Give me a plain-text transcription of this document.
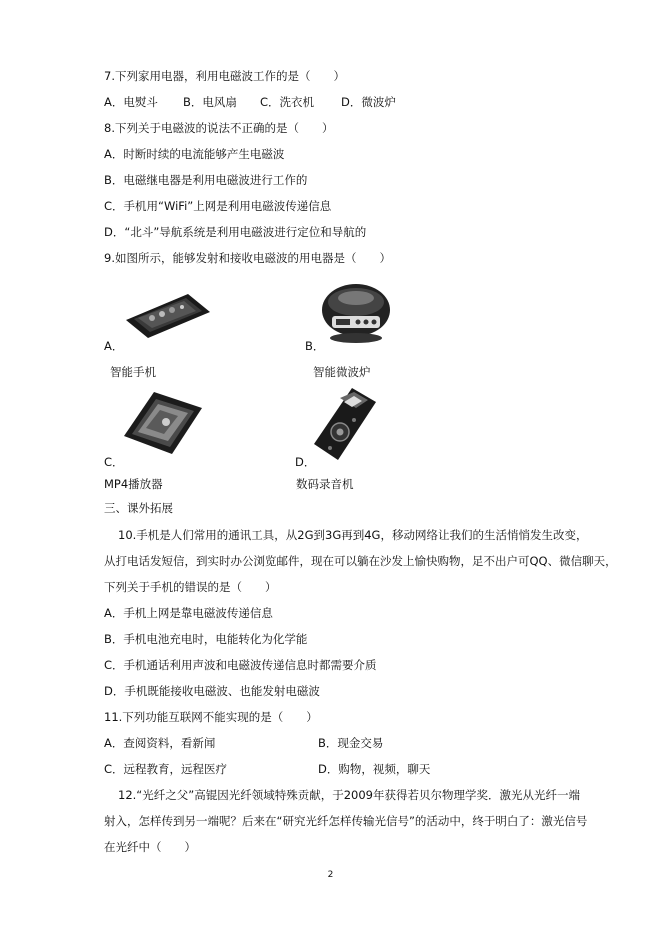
7.下列家用电器，利用电磁波工作的是（　　）
A．电熨斗 B．电风扇 C．洗衣机 D．微波炉
8.下列关于电磁波的说法不正确的是（　　）
A．时断时续的电流能够产生电磁波
B．电磁继电器是利用电磁波进行工作的
C．手机用“WiFi”上网是利用电磁波传递信息
D．“北斗”导航系统是利用电磁波进行定位和导航的
9.如图所示，能够发射和接收电磁波的用电器是（　　）
A．
智能手机
B．
智能微波炉
C．
MP4播放器
D．
数码录音机
三、课外拓展
10.手机是人们常用的通讯工具，从2G到3G再到4G，移动网络让我们的生活悄悄发生改变，
从打电话发短信，到实时办公浏览邮件，现在可以躺在沙发上愉快购物，足不出户可QQ、微信聊天，
下列关于手机的错误的是（　　）
A．手机上网是靠电磁波传递信息
B．手机电池充电时，电能转化为化学能
C．手机通话利用声波和电磁波传递信息时都需要介质
D．手机既能接收电磁波、也能发射电磁波
11.下列功能互联网不能实现的是（　　）
A．查阅资料，看新闻	B．现金交易
C．远程教育，远程医疗	D．购物，视频，聊天
12.“光纤之父”高锟因光纤领域特殊贡献，于2009年获得若贝尔物理学奖．激光从光纤一端
射入，怎样传到另一端呢？后来在“研究光纤怎样传输光信号”的活动中，终于明白了：激光信号
在光纤中（　　）
2
